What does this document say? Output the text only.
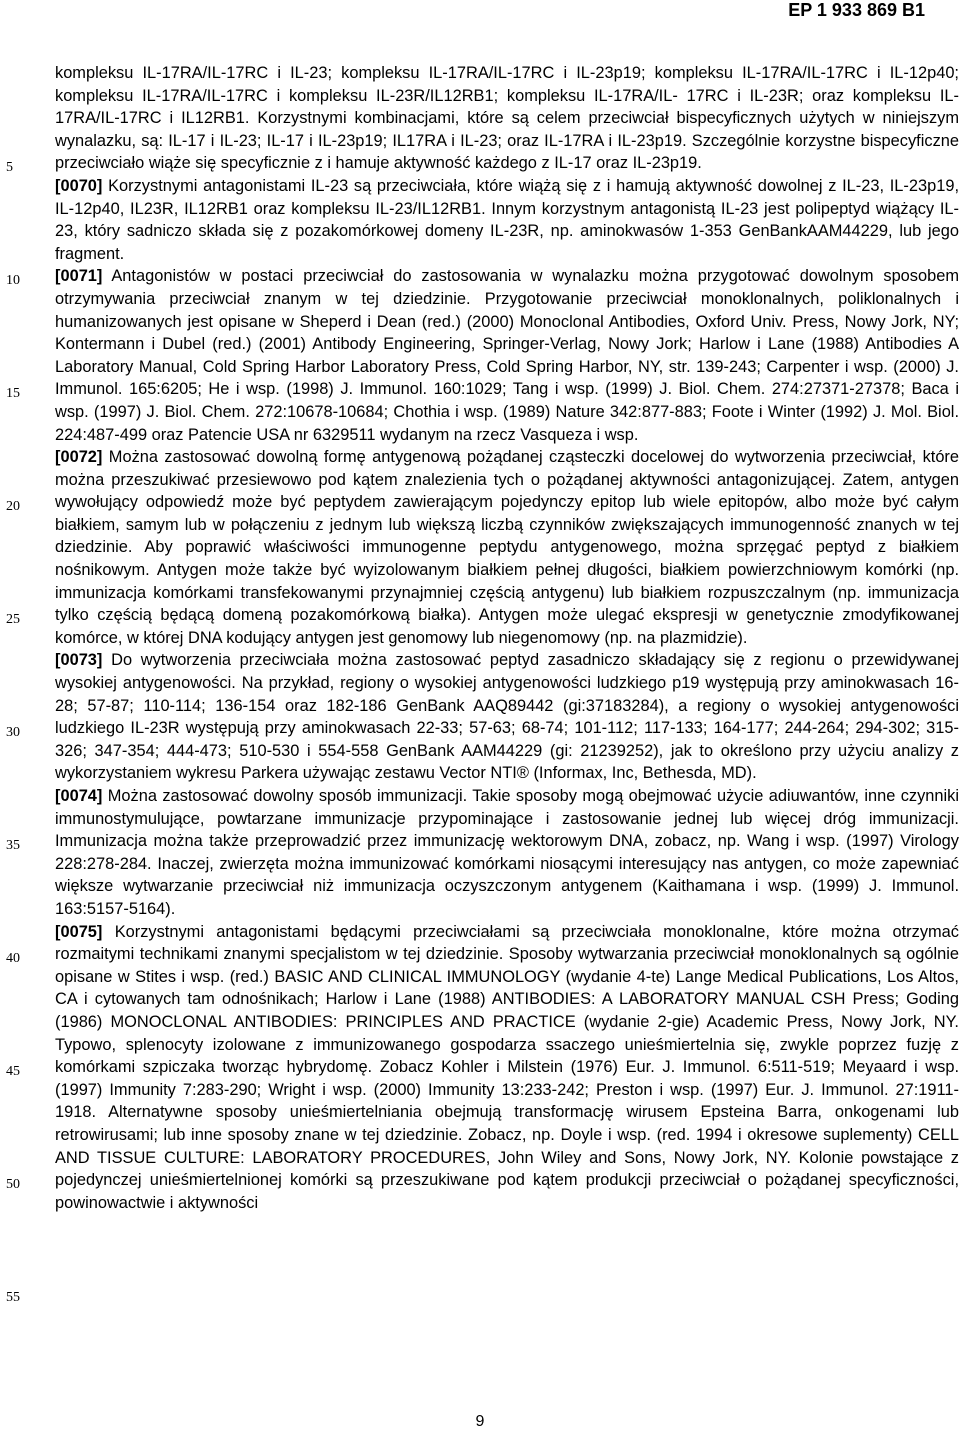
EP 1 933 869 B1
5
10
15
20
25
30
35
40
45
50
55

kompleksu IL-17RA/IL-17RC i IL-23; kompleksu IL-17RA/IL-17RC i IL-23p19; kompleksu IL-17RA/IL-17RC i IL-12p40; kompleksu IL-17RA/IL-17RC i kompleksu IL-23R/IL12RB1; kompleksu IL-17RA/IL- 17RC i IL-23R; oraz kompleksu IL-17RA/IL-17RC i IL12RB1. Korzystnymi kombinacjami, które są celem przeciwciał bispecyficznych użytych w niniejszym wynalazku, są: IL-17 i IL-23; IL-17 i IL-23p19; IL17RA i IL-23; oraz IL-17RA i IL-23p19. Szczególnie korzystne bispecyficzne przeciwciało wiąże się specyficznie z i hamuje aktywność każdego z IL-17 oraz IL-23p19.

[0070] Korzystnymi antagonistami IL-23 są przeciwciała, które wiążą się z i hamują aktywność dowolnej z IL-23, IL-23p19, IL-12p40, IL23R, IL12RB1 oraz kompleksu IL-23/IL12RB1. Innym korzystnym antagonistą IL-23 jest polipeptyd wiążący IL-23, który sadniczo składa się z pozakomórkowej domeny IL-23R, np. aminokwasów 1-353 GenBankAAM44229, lub jego fragment.

[0071] Antagonistów w postaci przeciwciał do zastosowania w wynalazku można przygotować dowolnym sposobem otrzymywania przeciwciał znanym w tej dziedzinie. Przygotowanie przeciwciał monoklonalnych, poliklonalnych i humanizowanych jest opisane w Sheperd i Dean (red.) (2000) Monoclonal Antibodies, Oxford Univ. Press, Nowy Jork, NY; Kontermann i Dubel (red.) (2001) Antibody Engineering, Springer-Verlag, Nowy Jork; Harlow i Lane (1988) Antibodies A Laboratory Manual, Cold Spring Harbor Laboratory Press, Cold Spring Harbor, NY, str. 139-243; Carpenter i wsp. (2000) J. Immunol. 165:6205; He i wsp. (1998) J. Immunol. 160:1029; Tang i wsp. (1999) J. Biol. Chem. 274:27371-27378; Baca i wsp. (1997) J. Biol. Chem. 272:10678-10684; Chothia i wsp. (1989) Nature 342:877-883; Foote i Winter (1992) J. Mol. Biol. 224:487-499 oraz Patencie USA nr 6329511 wydanym na rzecz Vasqueza i wsp.

[0072] Można zastosować dowolną formę antygenową pożądanej cząsteczki docelowej do wytworzenia przeciwciał, które można przeszukiwać przesiewowo pod kątem znalezienia tych o pożądanej aktywności antagonizującej. Zatem, antygen wywołujący odpowiedź może być peptydem zawierającym pojedynczy epitop lub wiele epitopów, albo może być całym białkiem, samym lub w połączeniu z jednym lub większą liczbą czynników zwiększających immunogenność znanych w tej dziedzinie. Aby poprawić właściwości immunogenne peptydu antygenowego, można sprzęgać peptyd z białkiem nośnikowym. Antygen może także być wyizolowanym białkiem pełnej długości, białkiem powierzchniowym komórki (np. immunizacja komórkami transfekowanymi przynajmniej częścią antygenu) lub białkiem rozpuszczalnym (np. immunizacja tylko częścią będącą domeną pozakomórkową białka). Antygen może ulegać ekspresji w genetycznie zmodyfikowanej komórce, w której DNA kodujący antygen jest genomowy lub niegenomowy (np. na plazmidzie).

[0073] Do wytworzenia przeciwciała można zastosować peptyd zasadniczo składający się z regionu o przewidywanej wysokiej antygenowości. Na przykład, regiony o wysokiej antygenowości ludzkiego p19 występują przy aminokwasach 16-28; 57-87; 110-114; 136-154 oraz 182-186 GenBank AAQ89442 (gi:37183284), a regiony o wysokiej antygenowości ludzkiego IL-23R występują przy aminokwasach 22-33; 57-63; 68-74; 101-112; 117-133; 164-177; 244-264; 294-302; 315-326; 347-354; 444-473; 510-530 i 554-558 GenBank AAM44229 (gi: 21239252), jak to określono przy użyciu analizy z wykorzystaniem wykresu Parkera używając zestawu Vector NTI® (Informax, Inc, Bethesda, MD).

[0074] Można zastosować dowolny sposób immunizacji. Takie sposoby mogą obejmować użycie adiuwantów, inne czynniki immunostymulujące, powtarzane immunizacje przypominające i zastosowanie jednej lub więcej dróg immunizacji. Immunizacja można także przeprowadzić przez immunizację wektorowym DNA, zobacz, np. Wang i wsp. (1997) Virology 228:278-284. Inaczej, zwierzęta można immunizować komórkami niosącymi interesujący nas antygen, co może zapewniać większe wytwarzanie przeciwciał niż immunizacja oczyszczonym antygenem (Kaithamana i wsp. (1999) J. Immunol. 163:5157-5164).

[0075] Korzystnymi antagonistami będącymi przeciwciałami są przeciwciała monoklonalne, które można otrzymać rozmaitymi technikami znanymi specjalistom w tej dziedzinie. Sposoby wytwarzania przeciwciał monoklonalnych są ogólnie opisane w Stites i wsp. (red.) BASIC AND CLINICAL IMMUNOLOGY (wydanie 4-te) Lange Medical Publications, Los Altos, CA i cytowanych tam odnośnikach; Harlow i Lane (1988) ANTIBODIES: A LABORATORY MANUAL CSH Press; Goding (1986) MONOCLONAL ANTIBODIES: PRINCIPLES AND PRACTICE (wydanie 2-gie) Academic Press, Nowy Jork, NY. Typowo, splenocyty izolowane z immunizowanego gospodarza ssaczego unieśmiertelnia się, zwykle poprzez fuzję z komórkami szpiczaka tworząc hybrydomę. Zobacz Kohler i Milstein (1976) Eur. J. Immunol. 6:511-519; Meyaard i wsp. (1997) Immunity 7:283-290; Wright i wsp. (2000) Immunity 13:233-242; Preston i wsp. (1997) Eur. J. Immunol. 27:1911-1918. Alternatywne sposoby unieśmiertelniania obejmują transformację wirusem Epsteina Barra, onkogenami lub retrowirusami; lub inne sposoby znane w tej dziedzinie. Zobacz, np. Doyle i wsp. (red. 1994 i okresowe suplementy) CELL AND TISSUE CULTURE: LABORATORY PROCEDURES, John Wiley and Sons, Nowy Jork, NY. Kolonie powstające z pojedynczej unieśmiertelnionej komórki są przeszukiwane pod kątem produkcji przeciwciał o pożądanej specyficzności, powinowactwie i aktywności

9
